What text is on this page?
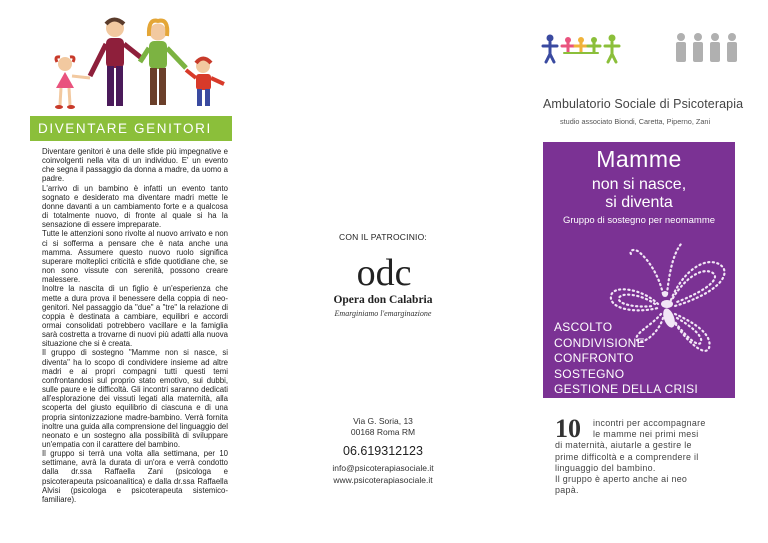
DIVENTARE GENITORI

Diventare genitori è una delle sfide più impegnative e coinvolgenti nella vita di un individuo. E' un evento che segna il passaggio da donna a madre, da uomo a padre.

L'arrivo di un bambino è infatti un evento tanto sognato e desiderato ma diventare madri mette le donne davanti a un cambiamento forte e a qualcosa di totalmente nuovo, di fronte al quale si ha la sensazione di essere impreparate.

Tutte le attenzioni sono rivolte al nuovo arrivato e non ci si sofferma a pensare che è nata anche una mamma. Assumere questo nuovo ruolo significa superare molteplici criticità e sfide quotidiane che, se non sono vissute con serenità, possono creare malessere.

Inoltre la nascita di un figlio è un'esperienza che mette a dura prova il benessere della coppia di neo-genitori. Nel passaggio da "due" a "tre" la relazione di coppia è destinata a cambiare, equilibri e accordi ormai consolidati potrebbero vacillare e la famiglia sarà costretta a trovarne di nuovi più adatti alla nuova situazione che si è creata.

Il gruppo di sostegno "Mamme non si nasce, si diventa" ha lo scopo di condividere insieme ad altre madri e ai propri compagni tutti questi temi confrontandosi sul proprio stato emotivo, sui dubbi, sulle paure e le difficoltà. Gli incontri saranno dedicati all'esplorazione dei vissuti legati alla maternità, alla scoperta del giusto equilibrio di ciascuna e di una propria sintonizzazione madre-bambino. Verrà fornita inoltre una guida alla comprensione del linguaggio del neonato e un sostegno alla possibilità di sviluppare un'empatia con il carattere del bambino.

Il gruppo si terrà una volta alla settimana, per 10 settimane, avrà la durata di un'ora e verrà condotto dalla dr.ssa Raffaella Zani (psicologa e psicoterapeuta psicoanalitica) e dalla dr.ssa Raffaella Alvisi (psicologa e psicoterapeuta sistemico-familiare).

CON IL PATROCINIO:
odc
Opera don Calabria
Emarginiamo l'emarginazione
Via G. Soria, 13
00168 Roma RM
06.619312123
info@psicoterapiasociale.it
www.psicoterapiasociale.it
Ambulatorio Sociale di Psicoterapia
studio associato Biondi, Caretta, Piperno, Zani
Mamme
non si nasce,
si diventa
Gruppo di sostegno per neomamme
ASCOLTO
CONDIVISIONE
CONFRONTO
SOSTEGNO
GESTIONE DELLA CRISI
10	incontri per accompagnare
le mamme nei primi mesi
di maternità, aiutarle a gestire le
prime difficoltà e a comprendere il
linguaggio del bambino.
Il gruppo è aperto anche ai neo
papà.
